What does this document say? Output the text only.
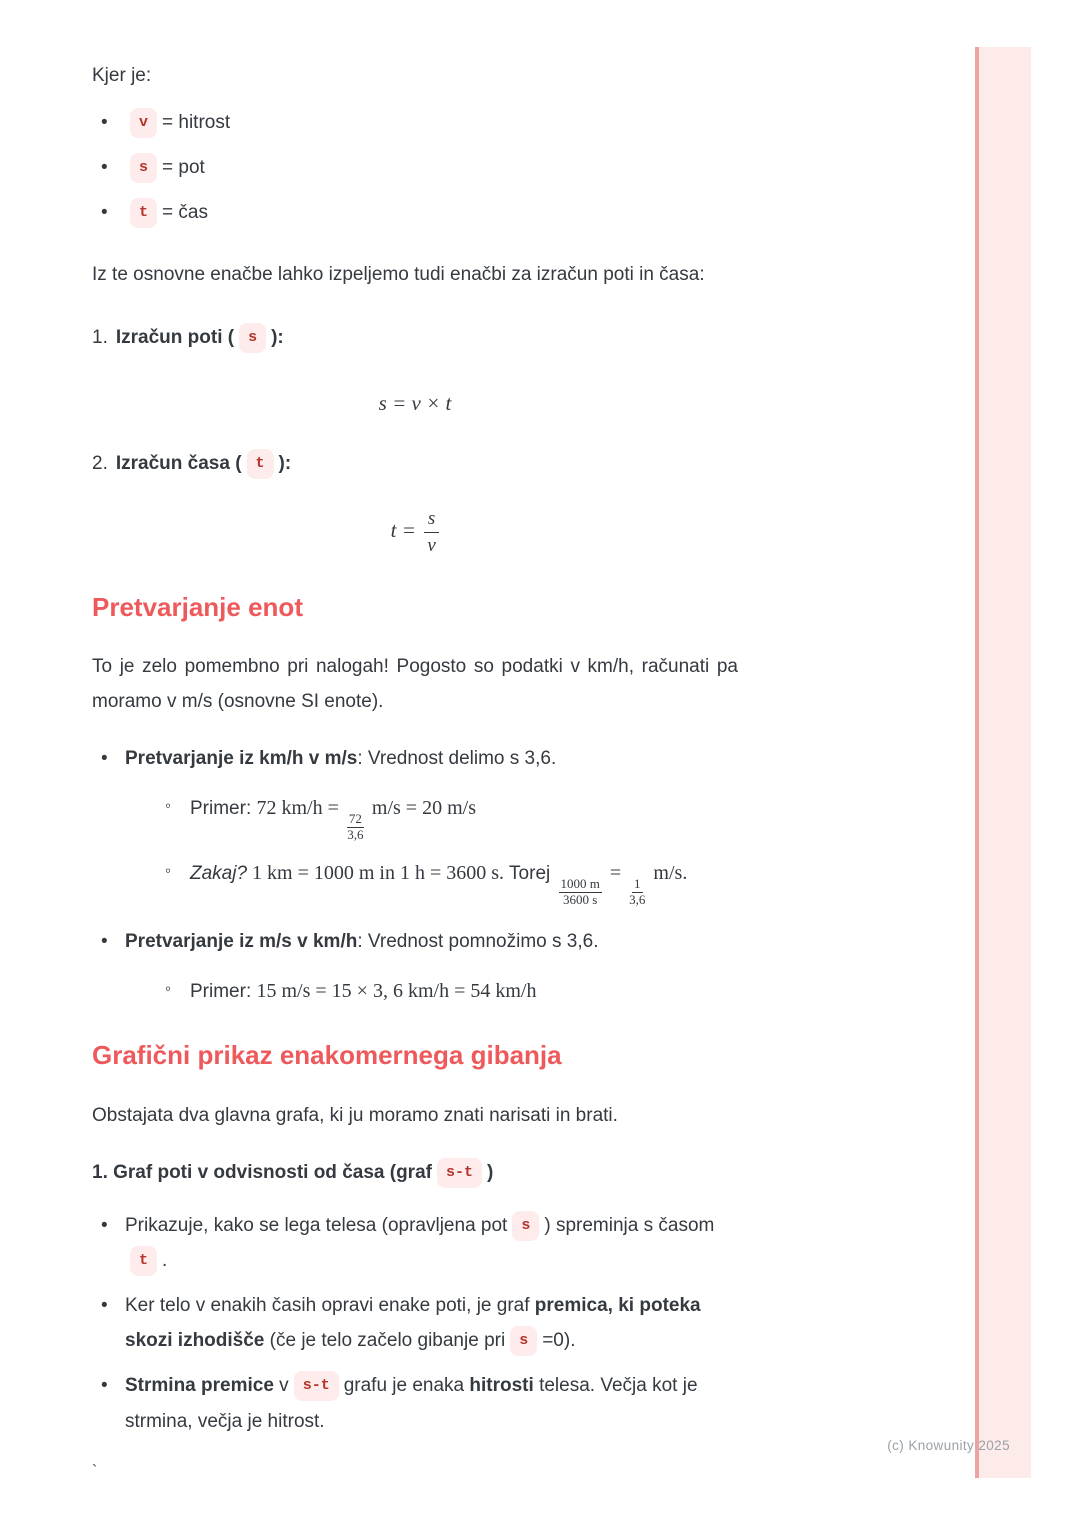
Kjer je:

• v = hitrost
• s = pot
• t = čas

Iz te osnovne enačbe lahko izpeljemo tudi enačbi za izračun poti in časa:

1. Izračun poti ( s ):

s = v × t

2. Izračun časa ( t ):

$t = \frac{s}{v}$
Pretvarjanje enot

To je zelo pomembno pri nalogah! Pogosto so podatki v km/h, računati pa moramo v m/s (osnovne SI enote).

• Pretvarjanje iz km/h v m/s: Vrednost delimo s 3,6.
◦ Primer: 72 km/h =
$\frac{72}{3,6}$
m/s = 20 m/s
◦ Zakaj? 1 km = 1000 m in 1 h = 3600 s. Torej
$\frac{1000 m}{3600 s}$
=
$\frac{1}{3,6}$
m/s.
• Pretvarjanje iz m/s v km/h: Vrednost pomnožimo s 3,6.
◦ Primer: 15 m/s = 15 × 3, 6 km/h = 54 km/h
Grafični prikaz enakomernega gibanja

Obstajata dva glavna grafa, ki ju moramo znati narisati in brati.

1. Graf poti v odvisnosti od časa (graf s-t )

• Prikazuje, kako se lega telesa (opravljena pot s ) spreminja s časomt .
• Ker telo v enakih časih opravi enake poti, je graf premica, ki poteka skozi izhodišče (če je telo začelo gibanje pri s =0).
• Strmina premice v s-t grafu je enaka hitrosti telesa. Večja kot je strmina, večja je hitrost.

`

(c) Knowunity 2025
